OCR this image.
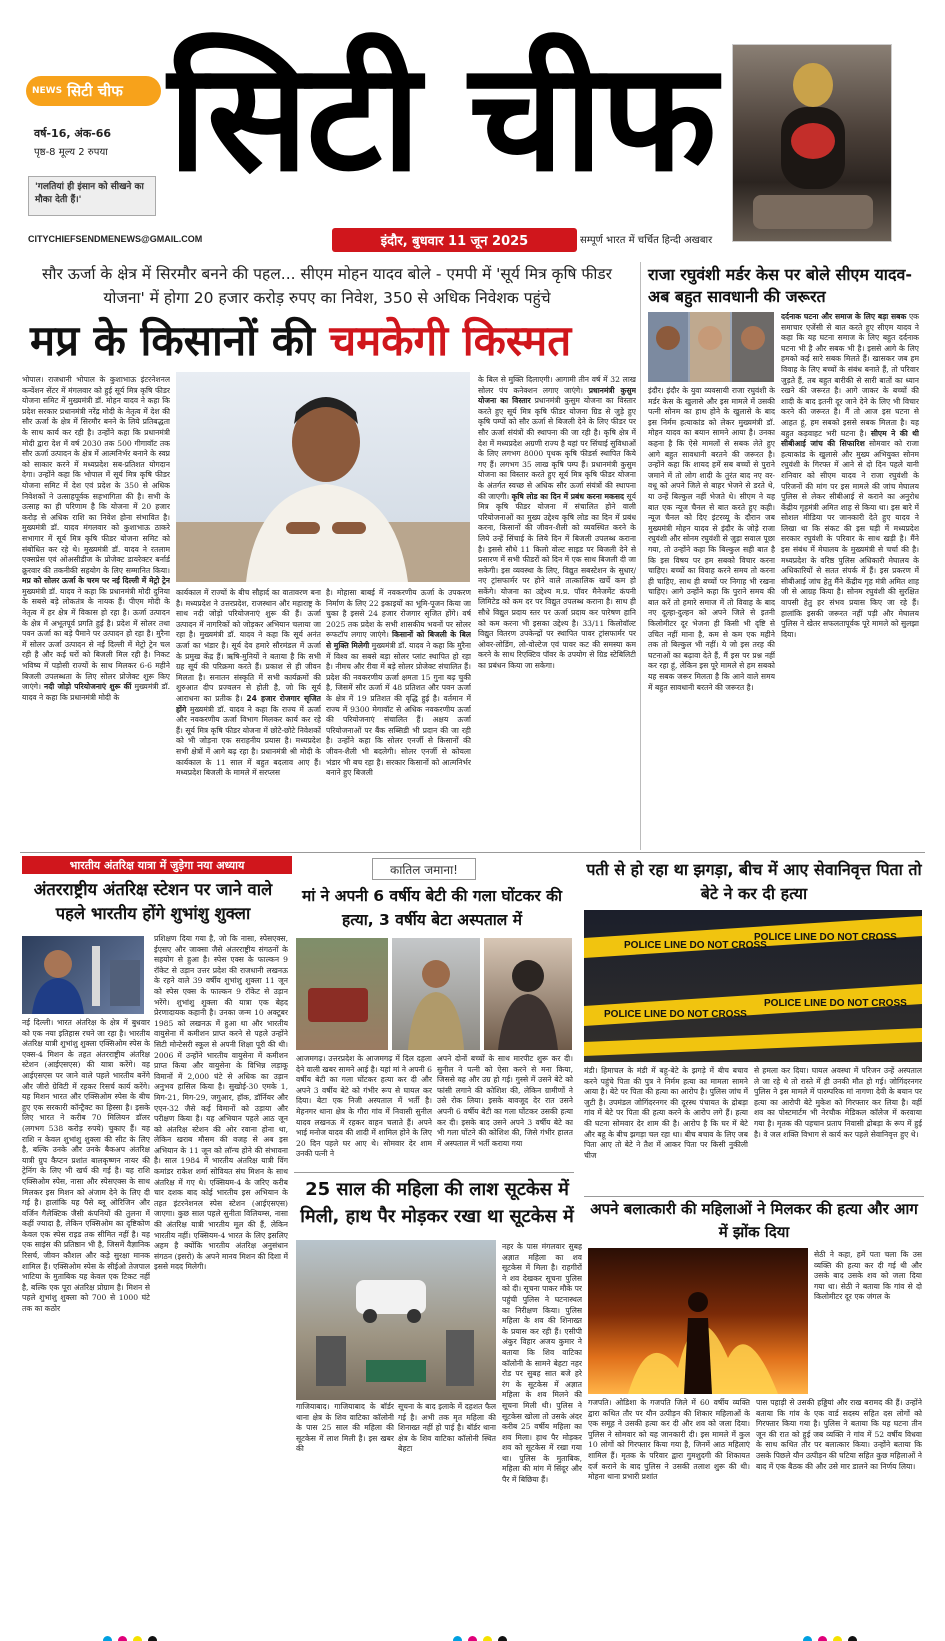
NEWS सिटी चीफ
वर्ष-16, अंक-66
पृष्ठ-8 मूल्य 2 रुपया
'गलतियां ही इंसान को सीखने का मौका देती हैं।'
CITYCHIEFSENDMENEWS@GMAIL.COM
सिटी चीफ
इंदौर, बुधवार 11 जून 2025	सम्पूर्ण भारत में चर्चित हिन्दी अखबार
सौर ऊर्जा के क्षेत्र में सिरमौर बनने की पहल... सीएम मोहन यादव बोले - एमपी में 'सूर्य मित्र कृषि फीडर योजना' में होगा 20 हजार करोड़ रुपए का निवेश, 350 से अधिक निवेशक पहुंचे
मप्र के किसानों की चमकेगी किस्मत
भोपाल। राजधानी भोपाल के कुशाभाऊ इंटरनेशनल कन्वेंशन सेंटर में मंगलवार को हुई सूर्य मित्र कृषि फीडर योजना समिट में मुख्यमंत्री डॉ. मोहन यादव ने कहा कि प्रदेश सरकार प्रधानमंत्री नरेंद्र मोदी के नेतृत्व में देश की सौर ऊर्जा के क्षेत्र में सिरमौर बनने के लिये प्रतिबद्धता के साथ कार्य कर रही है। उन्होंने कहा कि प्रधानमंत्री मोदी द्वारा देश में वर्ष 2030 तक 500 गीगावॉट तक सौर ऊर्जा उत्पादन के क्षेत्र में आत्मनिर्भर बनाने के स्वप्न को साकार करने में मध्यप्रदेश सब-प्रतिशत योगदान देगा। उन्होंने कहा कि भोपाल में सूर्य मित्र कृषि फीडर योजना समिट में देश एवं प्रदेश के 350 से अधिक निवेशकों ने उत्साहपूर्वक सहभागिता की है। सभी के उत्साह का ही परिणाम है कि योजना में 20 हजार करोड़ से अधिक राशि का निवेश होना संभावित है। मुख्यमंत्री डॉ. यादव मंगलवार को कुशाभाऊ ठाकरे सभागार में सूर्य मित्र कृषि फीडर योजना समिट को संबोधित कर रहे थे। मुख्यमंत्री डॉ. यादव ने रतलाम एक्सप्रेस एवं ओअसीडीज के प्रोजेक्ट डायरेक्टर बर्नार्ड क्रूरवार की तकनीकी सहयोग के लिए सम्मानित किया। मप्र को सोलर ऊर्जा के चरम पर नई दिल्ली में मेट्रो ट्रेन मुख्यमंत्री डॉ. यादव ने कहा कि प्रधानमंत्री मोदी दुनिया के सबसे बड़े लोकतंत्र के नायक हैं। पीएम मोदी के नेतृत्व में हर क्षेत्र में विकास हो रहा है। ऊर्जा उत्पादन के क्षेत्र में अभूतपूर्व प्रगति हुई है। प्रदेश में सोलर तथा पवन ऊर्जा का बड़े पैमाने पर उत्पादन हो रहा है। मुरैना में सोलर ऊर्जा उत्पादन से नई दिल्ली में मेट्रो ट्रेन चल रही है और कई घरों को बिजली मिल रही है। निकट भविष्य में पड़ोसी राज्यों के साथ मिलकर 6-6 महीने बिजली उपलब्धता के लिए सोलर प्रोजेक्ट शुरू किए जाएंगे। नदी जोड़ो परियोजनाएं शुरू कीं मुख्यमंत्री डॉ. यादव ने कहा कि प्रधानमंत्री मोदी के
कार्यकाल में राज्यों के बीच सौहार्द का वातावरण बना है। मध्यप्रदेश ने उत्तरप्रदेश, राजस्थान और महाराष्ट्र के साथ नदी जोड़ो परियोजनाएं शुरू की हैं। ऊर्जा उत्पादन में नागरिकों को जोड़कर अभियान चलाया जा रहा है। मुख्यमंत्री डॉ. यादव ने कहा कि सूर्य अनंत ऊर्जा का भंडार है। सूर्य देव हमारे सौरमंडल में ऊर्जा के प्रमुख केंद्र हैं। ऋषि-मुनियों ने बताया है कि सभी ग्रह सूर्य की परिक्रमा करते हैं। प्रकाश से ही जीवन मिलता है। सनातन संस्कृति में सभी कार्यक्रमों की शुरुआत दीप प्रज्वलन से होती है, जो कि सूर्य आराधना का प्रतीक है। 24 हजार रोजगार सृजित होंगे मुख्यमंत्री डॉ. यादव ने कहा कि राज्य में ऊर्जा और नवकरणीय ऊर्जा विभाग मिलकर कार्य कर रहे हैं। सूर्य मित्र कृषि फीडर योजना में छोटे-छोटे निवेशकों को भी जोड़ना एक सराहनीय प्रयास है। मध्यप्रदेश सभी क्षेत्रों में आगे बढ़ रहा है। प्रधानमंत्री श्री मोदी के कार्यकाल के 11 साल में बहुत बदलाव आए हैं। मध्यप्रदेश बिजली के मामले में सरप्लस
है। मोहासा बाबई में नवकरणीय ऊर्जा के उपकरण निर्माण के लिए 22 इकाइयों का भूमि-पूजन किया जा चुका है इससे 24 हजार रोजगार सृजित होंगे। वर्ष 2025 तक प्रदेश के सभी शासकीय भवनों पर सोलर रूफटॉप लगाए जाएंगे। किसानों को बिजली के बिल से मुक्ति मिलेगी मुख्यमंत्री डॉ. यादव ने कहा कि मुरैना में विश्व का सबसे बड़ा सोलर प्लांट स्थापित हो रहा है। नीमच और रीवा में बड़े सोलर प्रोजेक्ट संचालित हैं। प्रदेश की नवकरणीय ऊर्जा क्षमता 15 गुना बढ़ चुकी है, जिसमें सौर ऊर्जा में 48 प्रतिशत और पवन ऊर्जा के क्षेत्र में 19 प्रतिशत की वृद्धि हुई है। वर्तमान में राज्य में 9300 मेगावॉट से अधिक नवकरणीय ऊर्जा की परियोजनाएं संचालित हैं। अक्षय ऊर्जा परियोजनाओं पर बैंक सब्सिडी भी प्रदान की जा रही है। उन्होंने कहा कि सोलर एनर्जी से किसानों की जीवन-शैली भी बदलेगी। सोलर एनर्जी से कोयला भंडार भी बच रहा है। सरकार किसानों को आत्मनिर्भर बनाने हुए बिजली
के बिल से मुक्ति दिलाएगी। आगामी तीन वर्ष में 32 लाख सोलर पंप कनेक्शन लगाए जाएंगे। प्रधानमंत्री कुसुम योजना का विस्तार प्रधानमंत्री कुसुम योजना का विस्तार करते हुए सूर्य मित्र कृषि फीडर योजना ग्रिड से जुड़े हुए कृषि पम्पों को सौर ऊर्जा से बिजली देने के लिए फीडर पर सौर ऊर्जा संयंत्रों की स्थापना की जा रही है। कृषि क्षेत्र में देश में मध्यप्रदेश अग्रणी राज्य है यहां पर सिंचाई सुविधाओं के लिए लगभग 8000 पृथक कृषि फीडर्स स्थापित किये गए हैं। लगभग 35 लाख कृषि पम्प हैं। प्रधानमंत्री कुसुम योजना का विस्तार करते हुए सूर्य मित्र कृषि फीडर योजना के अंतर्गत स्वच्छ से अधिक सौर ऊर्जा संयंत्रों की स्थापना की जाएगी। कृषि लोड का दिन में प्रबंध करना मकसद सूर्य मित्र कृषि फीडर योजना में संचालित होने वाली परियोजनाओं का मुख्य उद्देश्य कृषि लोड का दिन में प्रबंध करना, किसानों की जीवन-शैली को व्यवस्थित करने के लिये उन्हें सिंचाई के लिये दिन में बिजली उपलब्ध कराना है। इससे सौधे 11 किलो वोल्ट साइड पर बिजली देने से प्रसारण में सभी फीडरों को दिन में एक साथ बिजली दी जा सकेगी। इस व्यवस्था के लिए, विद्युत सबस्टेशन के सुधार/नए ट्रांसफार्मर पर होने वाले तात्कालिक खर्चे कम हो सकेंगे। योजना का उद्देश्य म.प्र. पॉवर मैनेजमेंट कंपनी लिमिटेड को कम दर पर विद्युत उपलब्ध कराना है। साथ ही सौधे विद्युत प्रदाय स्तर पर ऊर्जा प्रदाय कर पारेषण हानि को कम करना भी इसका उद्देश्य है। 33/11 किलोवॉल्ट विद्युत वितरण उपकेन्द्रों पर स्थापित पावर ट्रांसफार्मर पर ओवर-लोडिंग, लो-वोल्टेज एवं पावर कट की समस्या कम करने के साथ रिएक्टिव पॉवर के उपयोग से ग्रिड स्टेबिलिटी का प्रबंधन किया जा सकेगा।
राजा रघुवंशी मर्डर केस पर बोले सीएम यादव- अब बहुत सावधानी की जरूरत
इंदौर। इंदौर के युवा व्यवसायी राजा रघुवंशी के मर्डर केस के खुलासे और इस मामले में उसकी पत्नी सोनम का हाथ होने के खुलासे के बाद इस निर्मम हत्याकांड को लेकर मुख्यमंत्री डॉ. मोहन यादव का बयान सामने आया है। उनका कहना है कि ऐसे मामलों से सबक लेते हुए आगे बहुत सावधानी बरतने की जरूरत है। उन्होंने कहा कि शायद हमें सब बच्चों से पुराने जमाने में तो लोग शादी के तुरंत बाद नए वर-वधू को अपने जिले से बाहर भेजने से डरते थे, या उन्हें बिल्कुल नहीं भेजते थे। सीएम ने यह बात एक न्यूज चैनल से बात करते हुए कही। न्यूज चैनल को दिए इंटरव्यू के दौरान जब मुख्यमंत्री मोहन यादव से इंदौर के जोड़े राजा रघुवंशी और सोनम रघुवंशी से जुड़ा सवाल पूछा गया, तो उन्होंने कहा कि बिल्कुल सही बात है कि इस विषय पर हम सबको विचार करना चाहिए। बच्चों का विवाह करने समय तो करना ही चाहिए, साथ ही बच्चों पर निगाह भी रखना चाहिए। आगे उन्होंने कहा कि पुराने समय की बात करें तो हमारे समाज में तो विवाह के बाद नए दूल्हा-दुल्हन को अपने जिले से इतनी किलोमीटर दूर भेजना ही किसी भी दृष्टि से उचित नहीं माना है, कम से कम एक महीने तक तो बिल्कुल भी नहीं। ये जो इस तरह की घटनाओं का बढ़ावा देते हैं, मैं इस पर प्रश्न नहीं कर रहा हूं, लेकिन इस पूरे मामले से हम सबको यह सबक जरूर मिलता है कि आने वाले समय में बहुत सावधानी बरतने की जरूरत है।
दर्दनाक घटना और समाज के लिए बड़ा सबक एक समाचार एजेंसी से बात करते हुए सीएम यादव ने कहा कि यह घटना समाज के लिए बहुत दर्दनाक घटना भी है और सबक भी है। इससे आगे के लिए हमको कई सारे सबक मिलते हैं। खासकर जब हम विवाह के लिए बच्चों के संबंध बनाते हैं, तो परिवार जुड़ते हैं, तब बहुत बारीकी से सारी बातों का ध्यान रखने की जरूरत है। आगे जाकर के बच्चों की शादी के बाद इतनी दूर जाने देने के लिए भी विचार करने की जरूरत है। मैं तो आज इस घटना से आहत हूं, हम सबको इससे सबक मिलता है। यह बहुत कड़वाहट भरी घटना है। सीएम ने की थी सीबीआई जांच की सिफारिश सोमवार को राजा हत्याकांड के खुलासे और मुख्य अभियुक्त सोनम रघुवंशी के गिरफ्त में आने से दो दिन पहले यानी शनिवार को सीएम यादव ने राजा रघुवंशी के परिजनों की मांग पर इस मामले की जांच मेघालय पुलिस से लेकर सीबीआई से कराने का अनुरोध केंद्रीय गृहमंत्री अमित शाह से किया था। इस बारे में सोशल मीडिया पर जानकारी देते हुए यादव ने लिखा था कि संकट की इस घड़ी में मध्यप्रदेश सरकार रघुवंशी के परिवार के साथ खड़ी है। मैंने इस संबंध में मेघालय के मुख्यमंत्री से चर्चा की है। मध्यप्रदेश के वरिष्ठ पुलिस अधिकारी मेघालय के अधिकारियों से सतत संपर्क में हैं। इस प्रकरण में सीबीआई जांच हेतु मैंने केंद्रीय गृह मंत्री अमित शाह जी से आग्रह किया है। सोनम रघुवंशी की सुरक्षित वापसी हेतु हर संभव प्रयास किए जा रहे हैं। हालांकि इसकी जरूरत नहीं पड़ी और मेघालय पुलिस ने खेतर सफलतापूर्वक पूरे मामले को सुलझा दिया।
भारतीय अंतरिक्ष यात्रा में जुड़ेगा नया अध्याय
अंतरराष्ट्रीय अंतरिक्ष स्टेशन पर जाने वाले पहले भारतीय होंगे शुभांशु शुक्ला
नई दिल्ली। भारत अंतरिक्ष के क्षेत्र में बुधवार को एक नया इतिहास रचने जा रहा है। भारतीय अंतरिक्ष यात्री शुभांशु शुक्ला एक्सिओम स्पेस के एक्स-4 मिशन के तहत अंतरराष्ट्रीय अंतरिक्ष स्टेशन (आईएसएस) की यात्रा करेंगे। वह आईएसएस पर जाने वाले पहले भारतीय बनेंगे और जीरो ग्रेविटी में रहकर रिसर्च कार्य करेंगे। यह मिशन भारत और एक्सिओम स्पेस के बीच हुए एक सरकारी कॉन्ट्रैक्ट का हिस्सा है। इसके लिए भारत ने करीब 70 मिलियन डॉलर (लगभग 538 करोड़ रुपये) चुकाए हैं। यह राशि न केवल शुभांशु शुक्ला की सीट के लिए है, बल्कि उनके और उनके बैकअप अंतरिक्ष यात्री ग्रुप कैप्टन प्रशांत बालकृष्णन नायर की ट्रेनिंग के लिए भी खर्च की गई है। यह राशि एक्सिओम स्पेस, नासा और स्पेसएक्स के साथ मिलकर इस मिशन को अंजाम देने के लिए दी गई है। हालांकि यह पैसे ब्लू ओरिजिन और वर्जिन गैलेक्टिक जैसी कंपनियों की तुलना में कहीं ज्यादा है, लेकिन एक्सिओम का दृष्टिकोण केवल एक स्पेस राइड तक सीमित नहीं है। यह एक साइंस की प्रतिष्ठान भी है, जिसमें वैज्ञानिक रिसर्च, जीवन कौशल और कड़े सुरक्षा मानक शामिल हैं। एक्सिओम स्पेस के सीईओ तेजपाल भाटिया के मुताबिक यह केवल एक टिकट नहीं है, बल्कि एक पूरा अंतरिक्ष प्रोग्राम है। मिशन से पहले शुभांशु शुक्ला को 700 से 1000 घंटे तक का कठोर
प्रशिक्षण दिया गया है, जो कि नासा, स्पेसएक्स, ईएसए और जाक्सा जैसे अंतरराष्ट्रीय संगठनों के सहयोग से हुआ है। स्पेस एक्स के फाल्कन 9 रॉकेट से उड़ान उत्तर प्रदेश की राजधानी लखनऊ के रहने वाले 39 वर्षीय शुभांशु शुक्ला 11 जून को स्पेस एक्स के फाल्कन 9 रॉकेट से उड़ान भरेंगे। शुभांशु शुक्ला की यात्रा एक बेहद प्रेरणादायक कहानी है। उनका जन्म 10 अक्टूबर 1985 को लखनऊ में हुआ था और भारतीय वायुसेना में कमीशन प्राप्त करने से पहले उन्होंने सिटी मोन्टेसरी स्कूल से अपनी शिक्षा पूरी की थी। 2006 में उन्होंने भारतीय वायुसेना में कमीशन प्राप्त किया और वायुसेना के विभिन्न लड़ाकू विमानों में 2,000 घंटे से अधिक का उड़ान अनुभव हासिल किया है। सुखोई-30 एमके 1, मिग-21, मिग-29, जगुआर, हॉक, डॉर्नियर और एएन-32 जैसे कई विमानों को उड़ाया और परीक्षण किया है। यह अभियान पहले आठ जून को अंतरिक्ष स्टेशन की ओर रवाना होना था, लेकिन खराब मौसम की वजह से अब इस अभियान के 11 जून को लॉन्च होने की संभावना है। साल 1984 में भारतीय अंतरिक्ष यात्री विंग कमांडर राकेश शर्मा सोवियत संघ मिशन के साथ अंतरिक्ष में गए थे। एक्सियम-4 के जरिए करीब चार दशक बाद कोई भारतीय इस अभियान के तहत इंटरनेशनल स्पेस स्टेशन (आईएसएस) जाएगा। कुछ साल पहले सुनीता विलियम्स, नासा की अंतरिक्ष यात्री भारतीय मूल की हैं, लेकिन भारतीय नहीं। एक्सियम-4 भारत के लिए इसलिए अहम है क्योंकि भारतीय अंतरिक्ष अनुसंधान संगठन (इसरो) के अपने मानव मिशन की दिशा में इससे मदद मिलेगी।
कातिल जमाना!
मां ने अपनी 6 वर्षीय बेटी की गला घोंटकर की हत्या, 3 वर्षीय बेटा अस्पताल में
आजमगढ़। उत्तरप्रदेश के आजमगढ़ में दिल दहला देने वाली खबर सामने आई है। यहां मां ने अपनी 6 वर्षीय बेटी का गला घोंटकर हत्या कर दी और अपने 3 वर्षीय बेटे को गंभीर रूप से घायल कर दिया। बेटा एक निजी अस्पताल में भर्ती है। मेहनगर थाना क्षेत्र के गौरा गांव में निवासी सुनील यादव लखनऊ में रहकर वाहन चलाते हैं। अपने भाई मनोज यादव की शादी में शामिल होने के लिए 20 दिन पहले घर आए थे। सोमवार देर शाम उनकी पत्नी ने
अपने दोनों बच्चों के साथ मारपीट शुरू कर दी। सुनील ने पत्नी को ऐसा करने से मना किया, जिससे वह और उग्र हो गई। गुस्से में उसने बेटे को फांसी लगाने की कोशिश की, लेकिन ग्रामीणों ने उसे रोक लिया। इसके बावजूद देर रात उसने अपनी 6 वर्षीय बेटी का गला घोंटकर उसकी हत्या कर दी। इसके बाद उसने अपने 3 वर्षीय बेटे का भी गला घोंटने की कोशिश की, जिसे गंभीर हालत में अस्पताल में भर्ती कराया गया
पती से हो रहा था झगड़ा, बीच में आए सेवानिवृत्त पिता तो बेटे ने कर दी हत्या
POLICE LINE DO NOT CROSS
POLICE LINE DO NOT CROSS
POLICE LINE DO NOT CROSS
POLICE LINE DO NOT CROSS
मंडी। हिमाचल के मंडी में बहू-बेटे के झगड़े में बीच बचाव करने पहुंचे पिता की पुत्र ने निर्मम हत्या का मामला सामने आया है। बेटे पर पिता की हत्या का आरोप है। पुलिस जांच में जुटी है। उपमंडल जोगिंदरनगर की दूरस्थ पंचायत के द्रोबड़ा गांव में बेटे पर पिता की हत्या करने के आरोप लगे हैं। हत्या की घटना सोमवार देर शाम की है। आरोप है कि घर में बेटे और बहू के बीच झगड़ा चल रहा था। बीच बचाव के लिए जब पिता आए तो बेटे ने तैश में आकर पिता पर किसी नुकीली चीज
से हमला कर दिया। घायल अवस्था में परिजन उन्हें अस्पताल ले जा रहे थे तो रास्ते में ही उनकी मौत हो गई। जोगिंदरनगर पुलिस ने इस मामले में पारम्परिक मां नागणा देवी के बयान पर हत्या का आरोपी बेटे मुकेश को गिरफ्तार कर लिया है। वहीं शव का पोस्टमार्टम भी नेरचौक मेडिकल कॉलेज में करवाया गया है। मृतक की पहचान प्रताप निवासी द्रोबड़ा के रूप में हुई है। वे जल शक्ति विभाग से कार्य कर पहले सेवानिवृत्त हुए थे।
25 साल की महिला की लाश सूटकेस में मिली, हाथ पैर मोड़कर रखा था सूटकेस में
गाजियाबाद। गाजियाबाद के बॉर्डर थाना क्षेत्र के शिव वाटिका कॉलोनी के पास 25 साल की महिला की सूटकेस में लाश मिली है। इस खबर की
सूचना के बाद इलाके में दहशत फैल गई है। अभी तक मृत महिला की शिनाख्त नहीं हो पाई है। बॉर्डर थाना क्षेत्र के शिव वाटिका कॉलोनी स्थित बेहटा
नहर के पास मंगलवार सुबह अज्ञात महिला का शव सूटकेस में मिला है। राहगीरों ने शव देखकर सूचना पुलिस को दी। सूचना पाकर मौके पर पहुंची पुलिस ने घटनास्थल का निरीक्षण किया। पुलिस महिला के शव की शिनाख्त के प्रयास कर रही हैं। एसीपी अंकुर विहार अजय कुमार ने बताया कि शिव वाटिका कॉलोनी के सामने बेहटा नहर रोड पर सुबह सात बजे हरे रंग के सूटकेस में अज्ञात महिला के शव मिलने की सूचना मिली थी। पुलिस ने सूटकेस खोला तो उसके अंदर करीब 25 वर्षीय महिला का शव मिला। हाथ पैर मोड़कर शव को सूटकेस में रखा गया था। पुलिस के मुताबिक, महिला की मांग में सिंदूर और पैर में बिछिया हैं।
अपने बलात्कारी की महिलाओं ने मिलकर की हत्या और आग में झोंक दिया
सेठी ने कहा, हमें पता चला कि उस व्यक्ति की हत्या कर दी गई थी और उसके बाद उसके शव को जला दिया गया था। सेठी ने बताया कि गांव से दो किलोमीटर दूर एक जंगल के
गजपति। ओडिशा के गजपति जिले में 60 वर्षीय व्यक्ति द्वारा कथित तौर पर यौन उत्पीड़न की शिकार महिलाओं के एक समूह ने उसकी हत्या कर दी और शव को जला दिया। पुलिस ने सोमवार को यह जानकारी दी। इस मामले में कुल 10 लोगों को गिरफ्तार किया गया है, जिनमें आठ महिलाएं शामिल हैं। मृतक के परिवार द्वारा गुमशुदगी की शिकायत दर्ज कराने के बाद पुलिस ने उसकी तलाश शुरू की थी। मोहना थाना प्रभारी प्रशांत
पास पहाड़ी से उसकी हड्डियां और राख बरामद की हैं। उन्होंने बताया कि गांव के एक वार्ड सदस्य सहित दस लोगों को गिरफ्तार किया गया है। पुलिस ने बताया कि यह घटना तीन जून की रात को हुई जब व्यक्ति ने गांव में 52 वर्षीय विधवा के साथ कथित तौर पर बलात्कार किया। उन्होंने बताया कि उसके पिछले यौन उत्पीड़न की घटिया सहित कुछ महिलाओं ने बाद में एक बैठक की और उसे मार डालने का निर्णय लिया।
